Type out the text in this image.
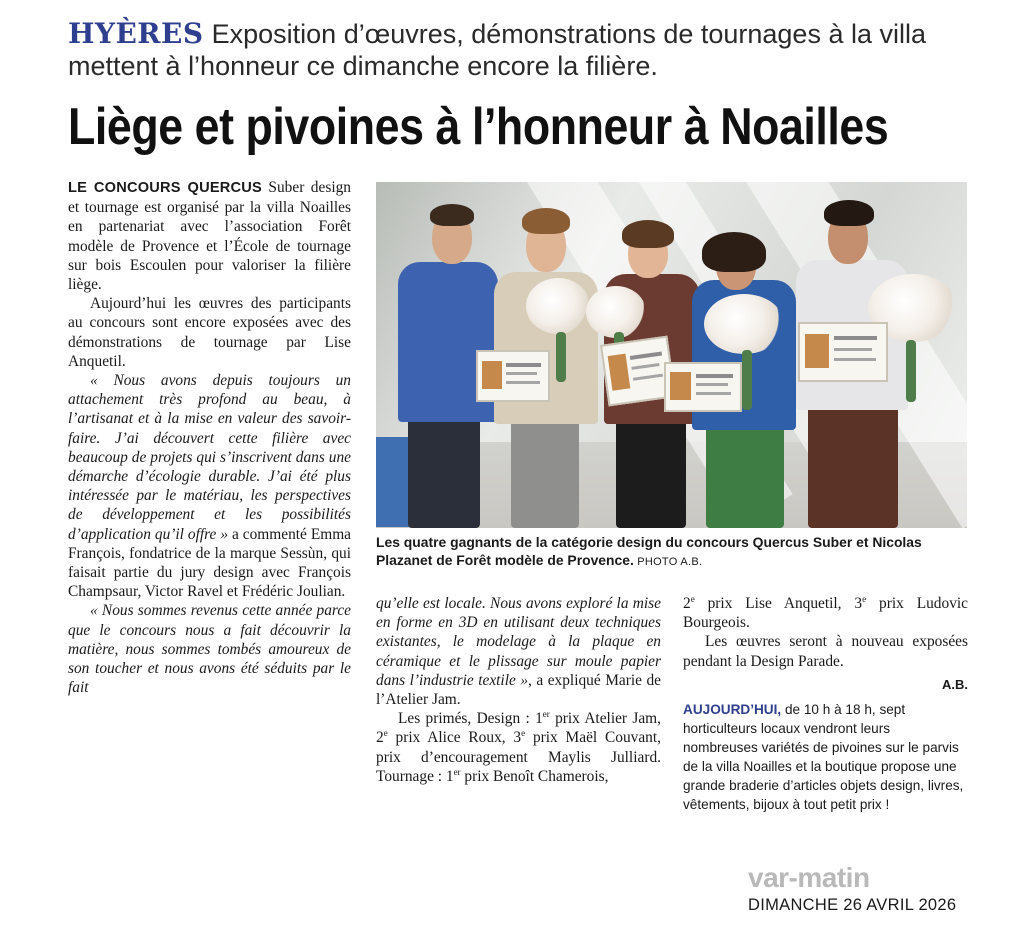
HYÈRES Exposition d’œuvres, démonstrations de tournages à la villa mettent à l’honneur ce dimanche encore la filière.
Liège et pivoines à l’honneur à Noailles

LE CONCOURS QUERCUS Suber design et tournage est organisé par la villa Noailles en partenariat avec l’association Forêt modèle de Provence et l’École de tournage sur bois Escoulen pour valoriser la filière liège.

Aujourd’hui les œuvres des participants au concours sont encore exposées avec des démonstrations de tournage par Lise Anquetil.

« Nous avons depuis toujours un attachement très profond au beau, à l’artisanat et à la mise en valeur des savoir-faire. J’ai découvert cette filière avec beaucoup de projets qui s’inscrivent dans une démarche d’écologie durable. J’ai été plus intéressée par le matériau, les perspectives de développement et les possibilités d’application qu’il offre » a commenté Emma François, fondatrice de la marque Sessùn, qui faisait partie du jury design avec François Champsaur, Victor Ravel et Frédéric Joulian.

« Nous sommes revenus cette année parce que le concours nous a fait découvrir la matière, nous sommes tombés amoureux de son toucher et nous avons été séduits par le fait

Les quatre gagnants de la catégorie design du concours Quercus Suber et Nicolas Plazanet de Forêt modèle de Provence. PHOTO A.B.

qu’elle est locale. Nous avons exploré la mise en forme en 3D en utilisant deux techniques existantes, le modelage à la plaque en céramique et le plissage sur moule papier dans l’industrie textile », a expliqué Marie de l’Atelier Jam.

Les primés, Design : 1er prix Atelier Jam, 2e prix Alice Roux, 3e prix Maël Couvant, prix d’encouragement Maylis Julliard. Tournage : 1er prix Benoît Chamerois,

2e prix Lise Anquetil, 3e prix Ludovic Bourgeois.

Les œuvres seront à nouveau exposées pendant la Design Parade.

A.B.
AUJOURD’HUI, de 10 h à 18 h, sept horticulteurs locaux vendront leurs nombreuses variétés de pivoines sur le parvis de la villa Noailles et la boutique propose une grande braderie d’articles objets design, livres, vêtements, bijoux à tout petit prix !
var-matin
DIMANCHE 26 AVRIL 2026
